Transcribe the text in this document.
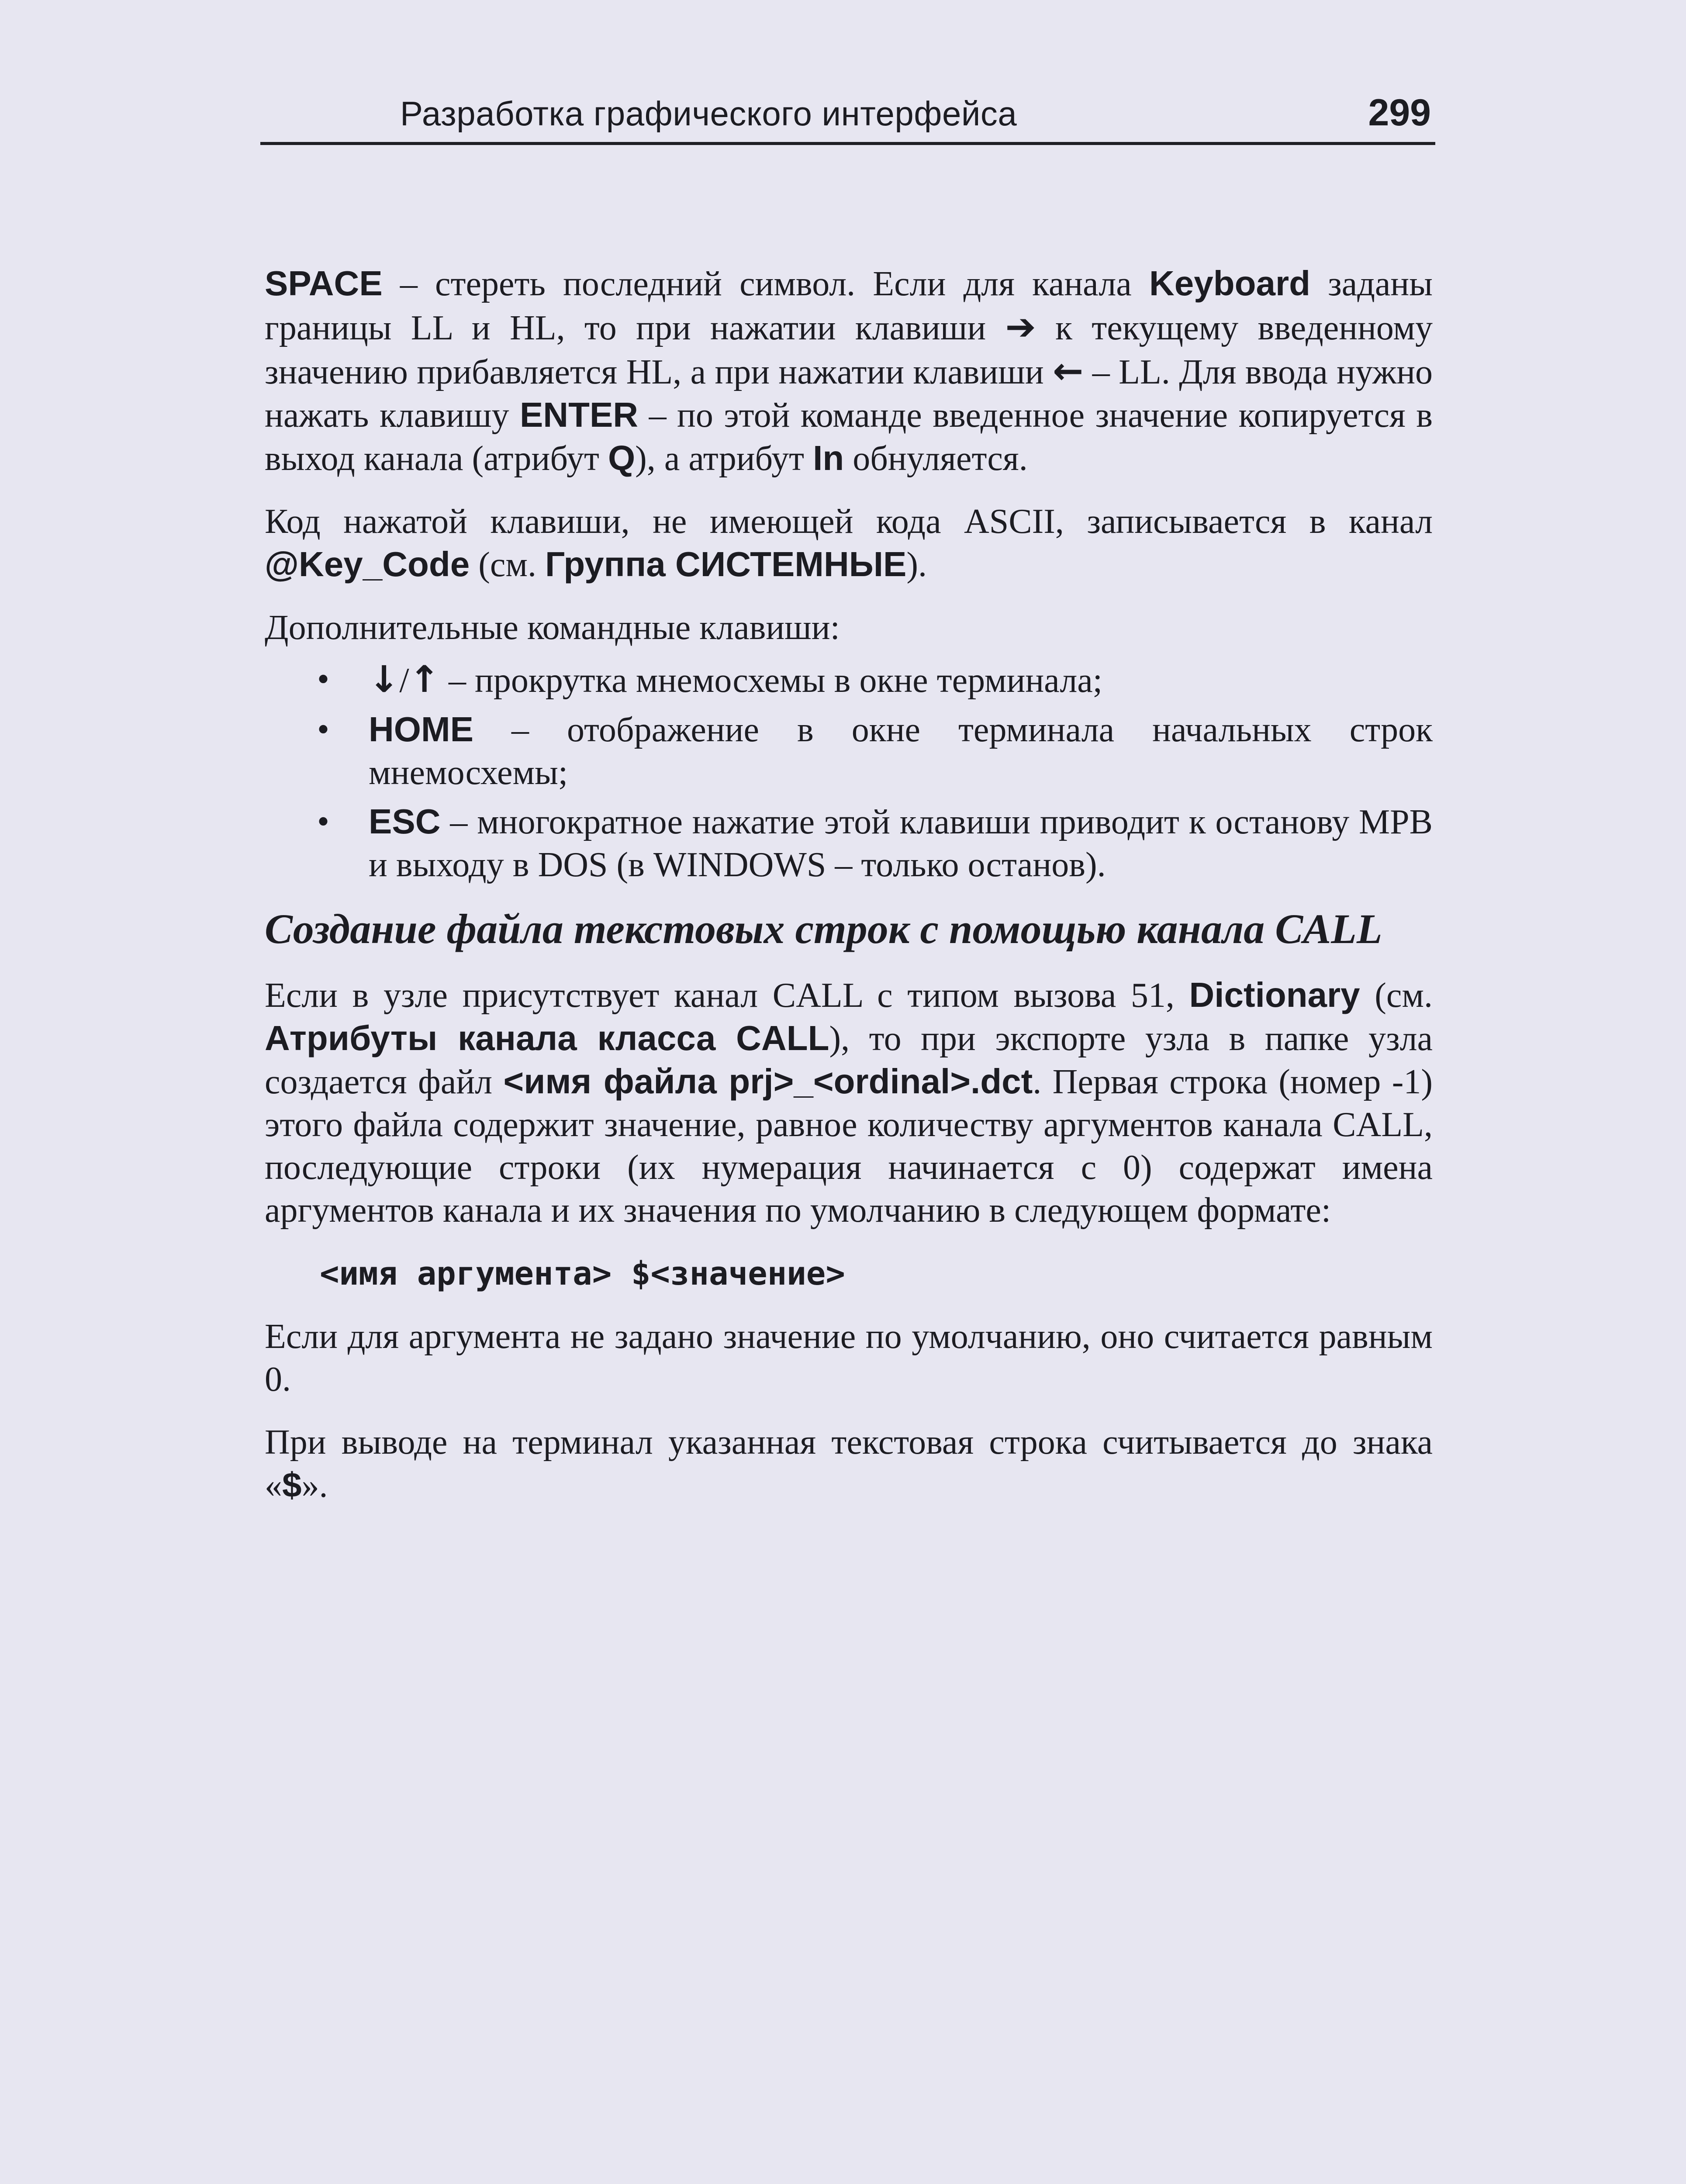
Разработка графического интерфейса	299

SPACE – стереть последний символ. Если для канала Keyboard заданы границы LL и HL, то при нажатии клавиши ➔ к текущему введенному значению прибавляется HL, а при нажатии клавиши ← – LL. Для ввода нужно нажать клавишу ENTER – по этой команде введенное значение копируется в выход канала (атрибут Q), а атрибут In обнуляется.

Код нажатой клавиши, не имеющей кода ASCII, записывается в канал @Key_Code (см. Группа СИСТЕМНЫЕ).

Дополнительные командные клавиши:

• ↓/↑ – прокрутка мнемосхемы в окне терминала;
• HOME – отображение в окне терминала начальных строк мнемосхемы;
• ESC – многократное нажатие этой клавиши приводит к останову МРВ и выходу в DOS (в WINDOWS – только останов).
Создание файла текстовых строк с помощью канала CALL

Если в узле присутствует канал CALL с типом вызова 51, Dictionary (см. Атрибуты канала класса CALL), то при экспорте узла в папке узла создается файл <имя файла prj>_<ordinal>.dct. Первая строка (номер -1) этого файла содержит значение, равное количеству аргументов канала CALL, последующие строки (их нумерация начинается с 0) содержат имена аргументов канала и их значения по умолчанию в следующем формате:

<имя аргумента> $<значение>

Если для аргумента не задано значение по умолчанию, оно считается равным 0.

При выводе на терминал указанная текстовая строка считывается до знака «$».
